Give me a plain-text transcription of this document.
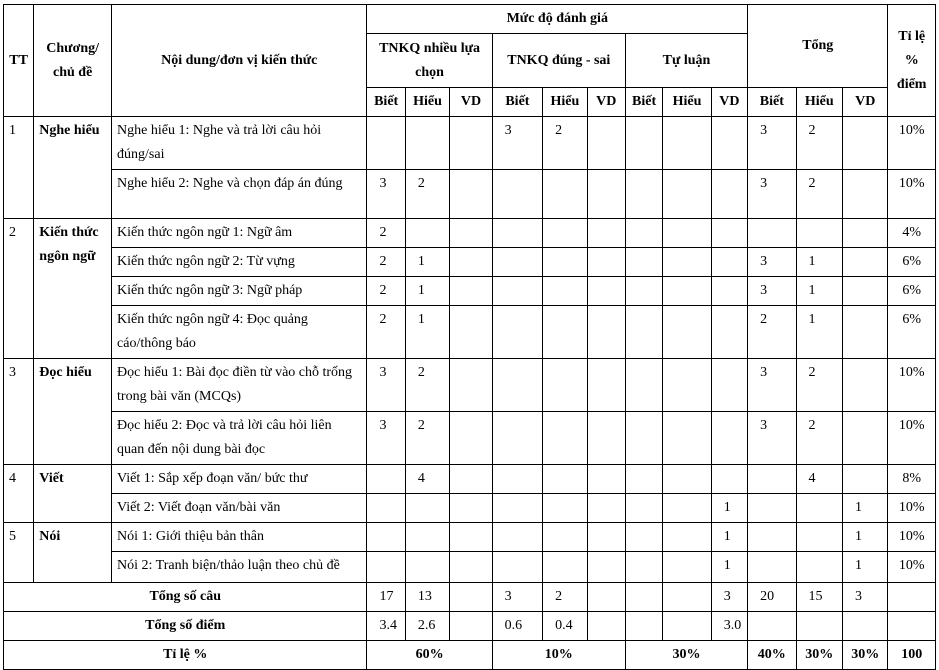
TT	Chương/ chủ đề	Nội dung/đơn vị kiến thức	Mức độ đánh giá									Tổng			Tỉ lệ % điểm
			TNKQ nhiều lựa chọn			TNKQ đúng - sai			Tự luận						
			Biết	Hiểu	VD	Biết	Hiểu	VD	Biết	Hiểu	VD	Biết	Hiểu	VD	
1	Nghe hiểu	Nghe hiểu 1: Nghe và trả lời câu hỏi đúng/sai				3	2					3	2		10%
		Nghe hiểu 2: Nghe và chọn đáp án đúng	3	2								3	2		10%
2	Kiến thức ngôn ngữ	Kiến thức ngôn ngữ 1: Ngữ âm	2												4%
		Kiến thức ngôn ngữ 2: Từ vựng	2	1								3	1		6%
		Kiến thức ngôn ngữ 3: Ngữ pháp	2	1								3	1		6%
		Kiến thức ngôn ngữ 4: Đọc quảng cáo/thông báo	2	1								2	1		6%
3	Đọc hiểu	Đọc hiểu 1: Bài đọc điền từ vào chỗ trống trong bài văn (MCQs)	3	2								3	2		10%
		Đọc hiểu 2: Đọc và trả lời câu hỏi liên quan đến nội dung bài đọc	3	2								3	2		10%
4	Viết	Viết 1: Sắp xếp đoạn văn/ bức thư		4									4		8%
		Viết 2: Viết đoạn văn/bài văn									1			1	10%
5	Nói	Nói 1: Giới thiệu bản thân									1			1	10%
		Nói 2: Tranh biện/thảo luận theo chủ đề									1			1	10%
Tổng số câu			17	13		3	2				3	20	15	3	
Tổng số điểm			3.4	2.6		0.6	0.4				3.0				
Tỉ lệ %			60%			10%			30%			40%	30%	30%	100
